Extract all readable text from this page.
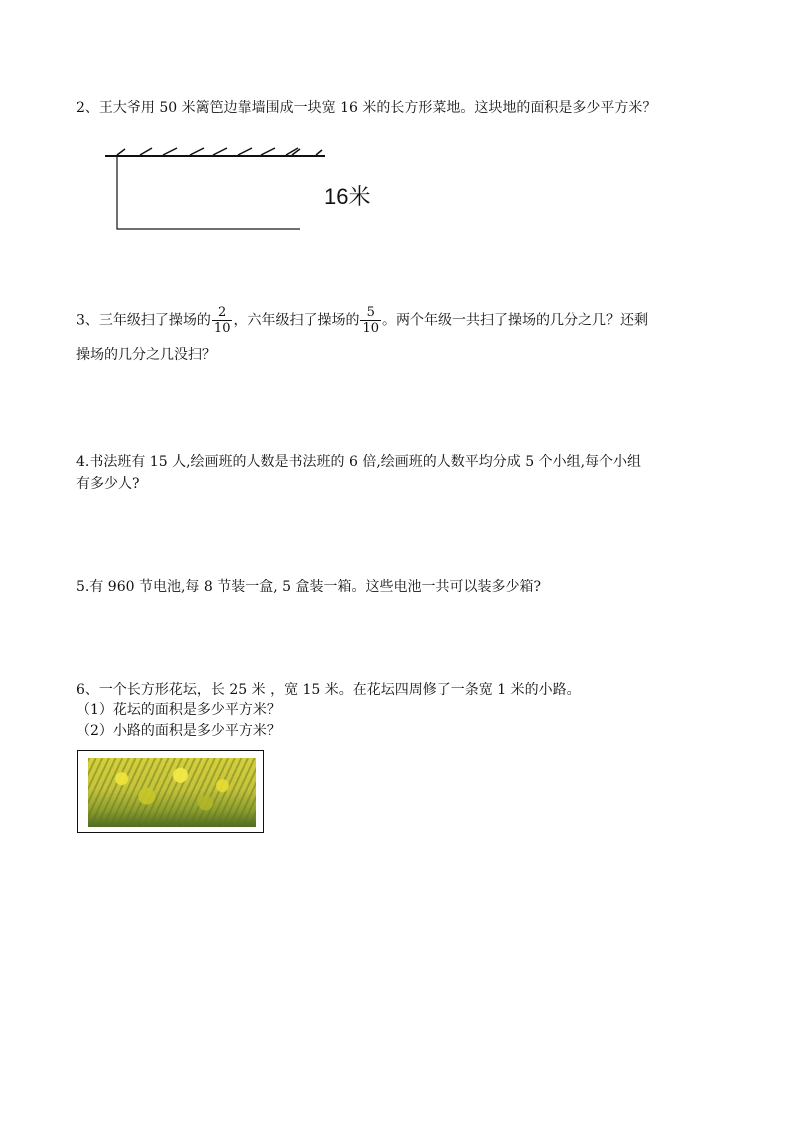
2、王大爷用 50 米篱笆边靠墙围成一块宽 16 米的长方形菜地。这块地的面积是多少平方米？
16米
3、三年级扫了操场的 $\frac{2}{10}$ ，六年级扫了操场的 $\frac{5}{10}$ 。两个年级一共扫了操场的几分之几？还剩
操场的几分之几没扫？
4.书法班有 15 人,绘画班的人数是书法班的 6 倍,绘画班的人数平均分成 5 个小组,每个小组
有多少人?
5.有 960 节电池,每 8 节装一盒, 5 盒装一箱。这些电池一共可以装多少箱?
6、一个长方形花坛，长 25 米 ，宽 15 米。在花坛四周修了一条宽 1 米的小路。
（1）花坛的面积是多少平方米？
（2）小路的面积是多少平方米？
